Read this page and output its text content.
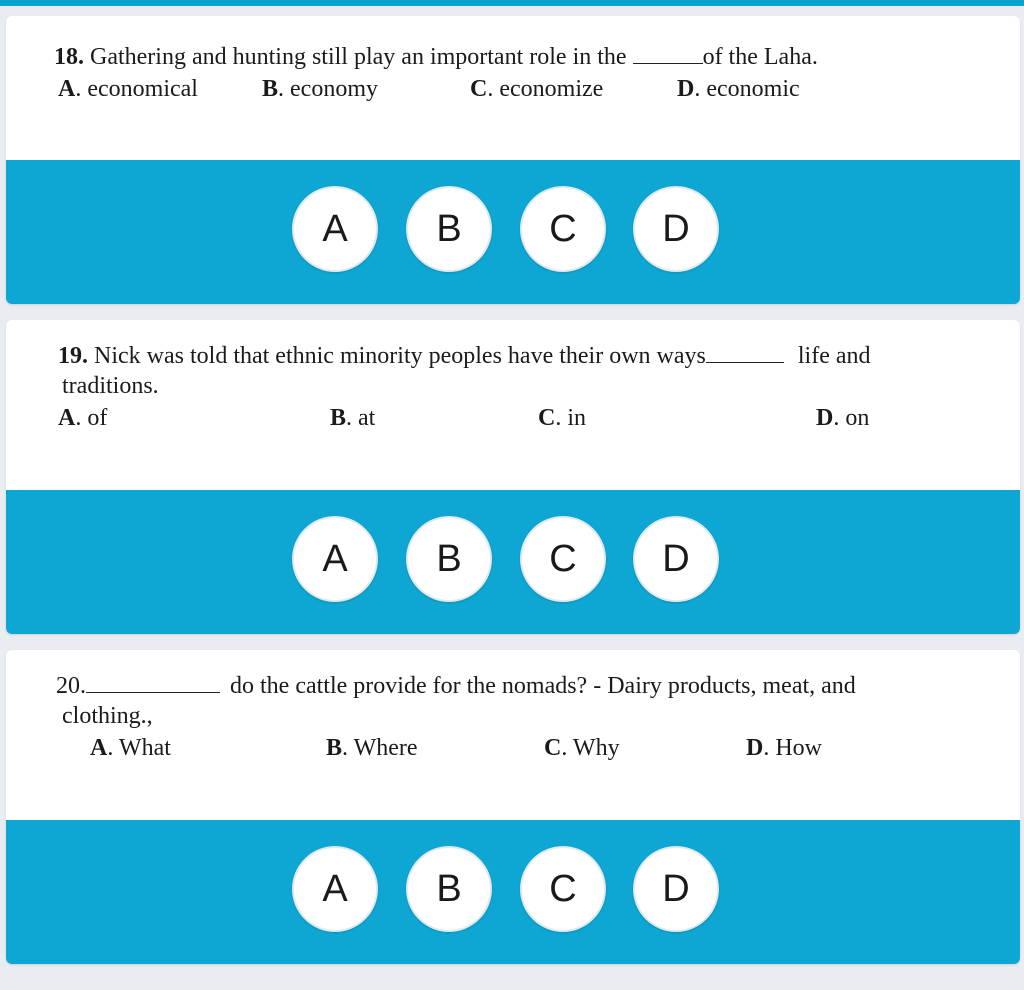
18. Gathering and hunting still play an important role in the	of the Laha.
A. economical	B. economy	C. economize	D. economic
A	B	C	D
19. Nick was told that ethnic minority peoples have their own ways	life and
traditions.
A. of	B. at	C. in	D. on
A	B	C	D
20.	do the cattle provide for the nomads? - Dairy products, meat, and
clothing.,
A. What	B. Where	C. Why	D. How
A	B	C	D
